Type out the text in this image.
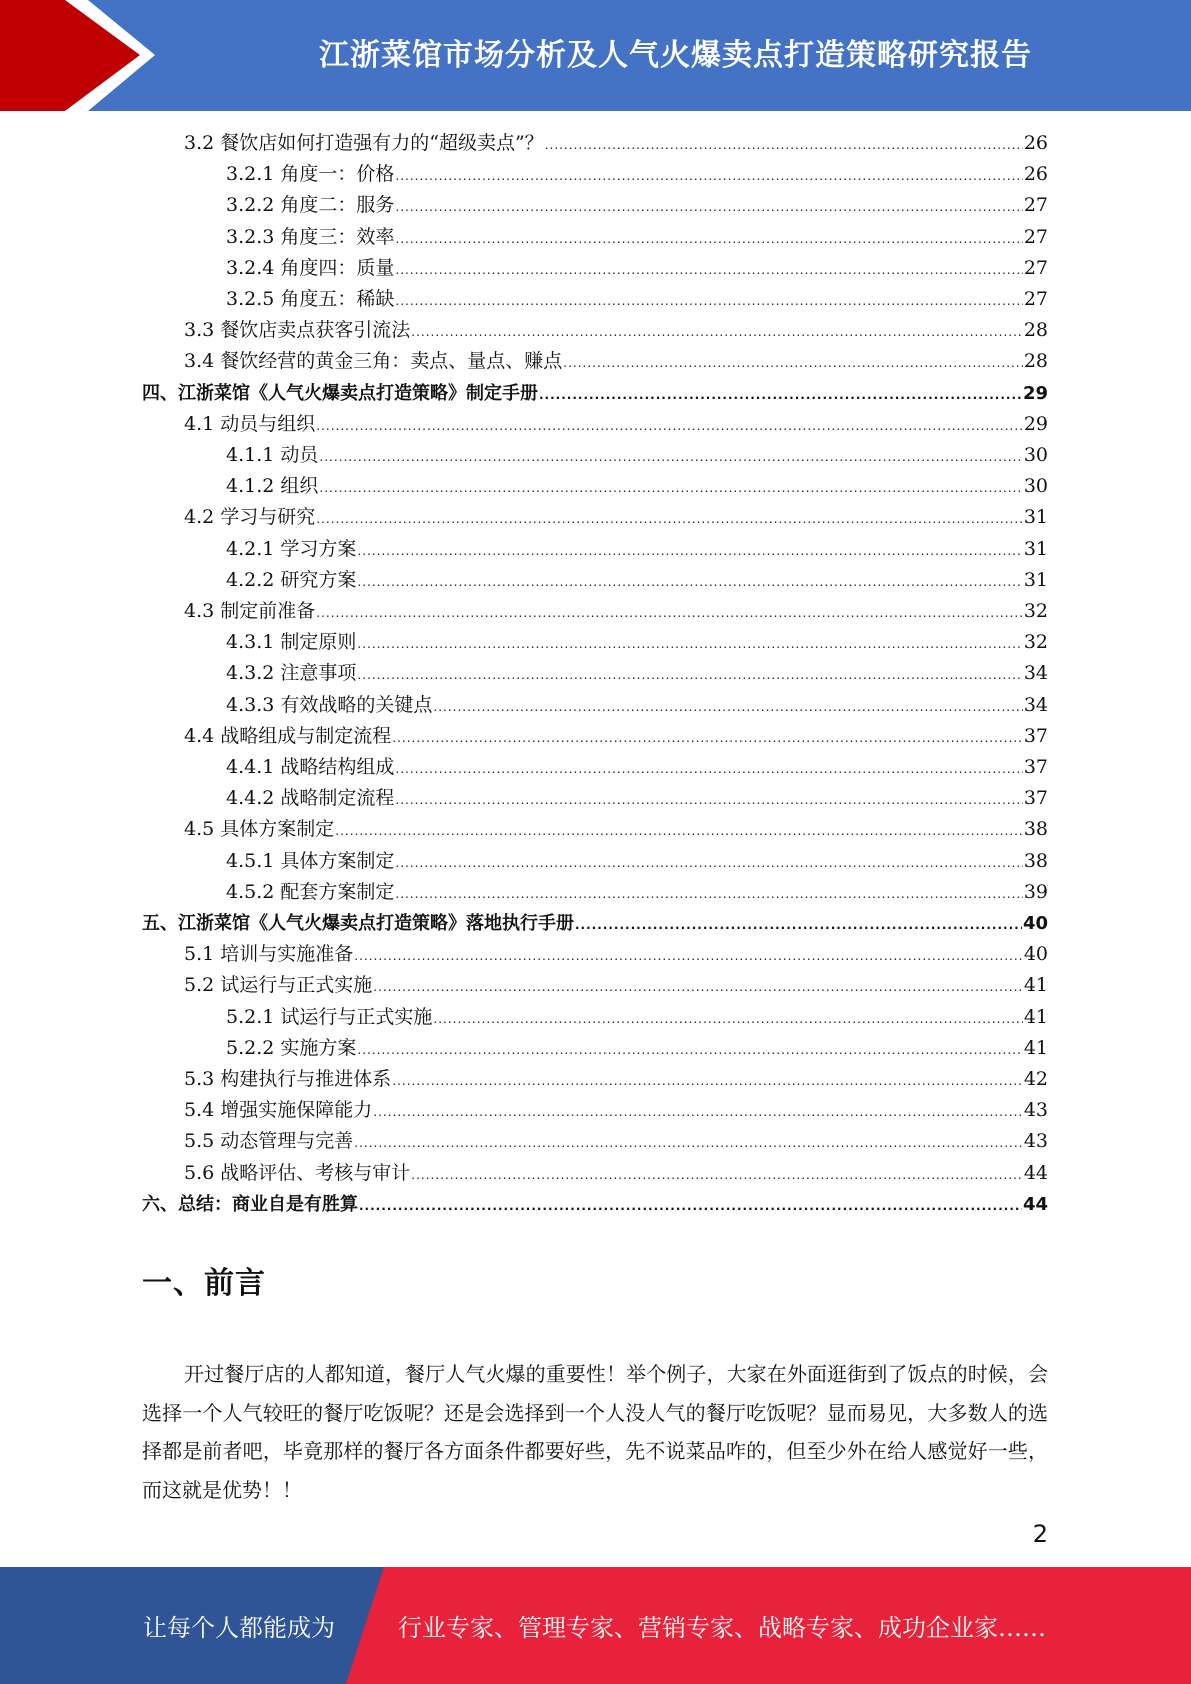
江浙菜馆市场分析及人气火爆卖点打造策略研究报告
3.2 餐饮店如何打造强有力的“超级卖点”？ .....	26
3.2.1 角度一：价格 .....	26
3.2.2 角度二：服务 .....	27
3.2.3 角度三：效率 .....	27
3.2.4 角度四：质量 .....	27
3.2.5 角度五：稀缺 .....	27
3.3 餐饮店卖点获客引流法 .....	28
3.4 餐饮经营的黄金三角：卖点、量点、赚点 .....	28
四、江浙菜馆《人气火爆卖点打造策略》制定手册 .....	29
4.1 动员与组织 .....	29
4.1.1 动员 .....	30
4.1.2 组织 .....	30
4.2 学习与研究 .....	31
4.2.1 学习方案 .....	31
4.2.2 研究方案 .....	31
4.3 制定前准备 .....	32
4.3.1 制定原则 .....	32
4.3.2 注意事项 .....	34
4.3.3 有效战略的关键点 .....	34
4.4 战略组成与制定流程 .....	37
4.4.1 战略结构组成 .....	37
4.4.2 战略制定流程 .....	37
4.5 具体方案制定 .....	38
4.5.1 具体方案制定 .....	38
4.5.2 配套方案制定 .....	39
五、江浙菜馆《人气火爆卖点打造策略》落地执行手册 .....	40
5.1 培训与实施准备 .....	40
5.2 试运行与正式实施 .....	41
5.2.1 试运行与正式实施 .....	41
5.2.2 实施方案 .....	41
5.3 构建执行与推进体系 .....	42
5.4 增强实施保障能力 .....	43
5.5 动态管理与完善 .....	43
5.6 战略评估、考核与审计 .....	44
六、总结：商业自是有胜算 .....	44
一、前言
开过餐厅店的人都知道，餐厅人气火爆的重要性！举个例子，大家在外面逛街到了饭点的时候，会选择一个人气较旺的餐厅吃饭呢？还是会选择到一个人没人气的餐厅吃饭呢？显而易见，大多数人的选择都是前者吧，毕竟那样的餐厅各方面条件都要好些，先不说菜品咋的，但至少外在给人感觉好一些，而这就是优势！！
2
让每个人都能成为	行业专家、管理专家、营销专家、战略专家、成功企业家……
